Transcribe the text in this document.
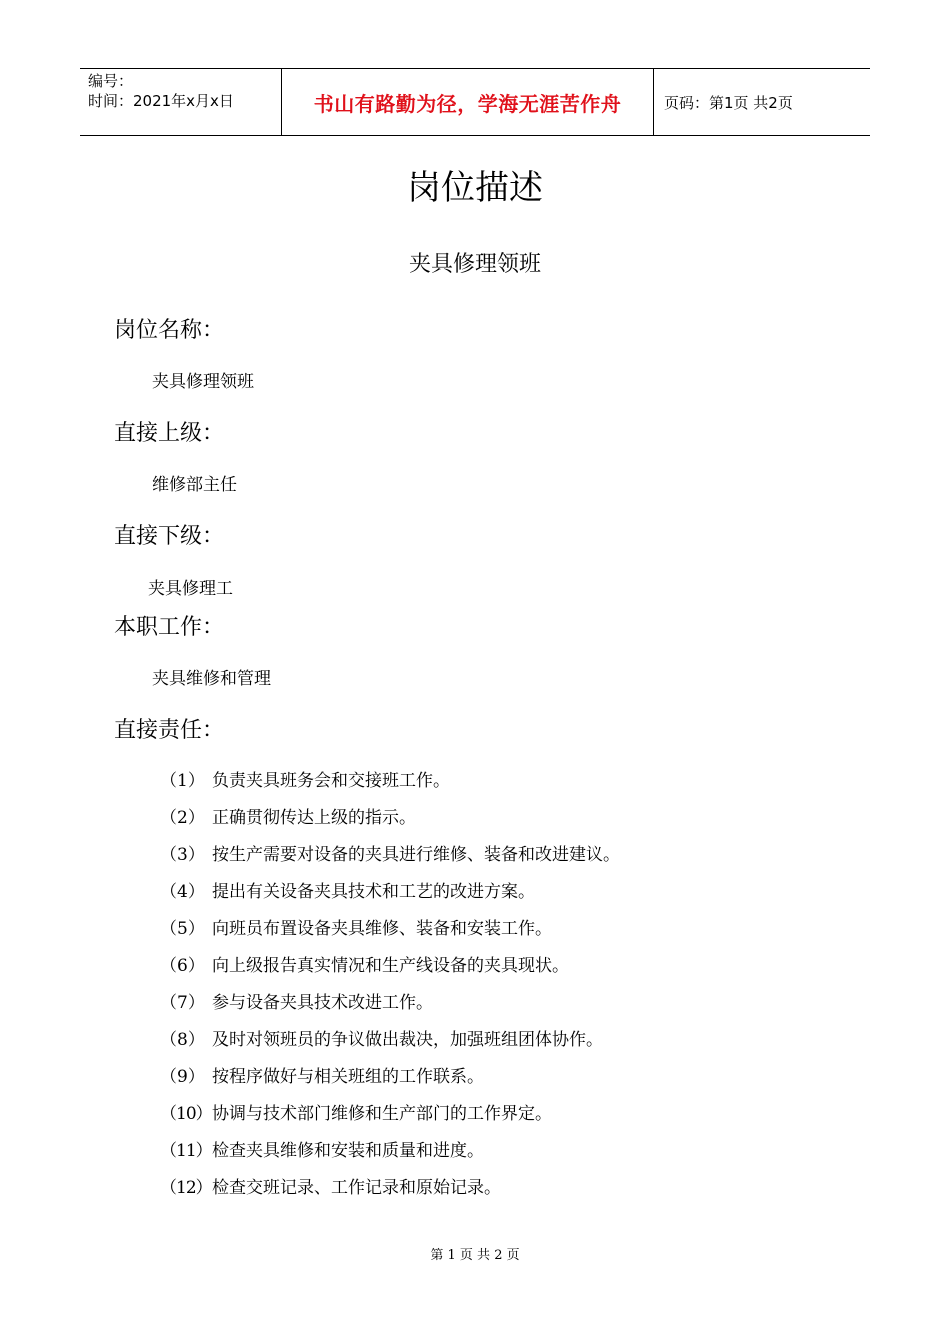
编号：
时间：2021年x月x日	书山有路勤为径，学海无涯苦作舟	页码：第1页 共2页
岗位描述
夹具修理领班
岗位名称：
夹具修理领班
直接上级：
维修部主任
直接下级：
夹具修理工
本职工作：
夹具维修和管理
直接责任：
（1） 负责夹具班务会和交接班工作。
（2） 正确贯彻传达上级的指示。
（3） 按生产需要对设备的夹具进行维修、装备和改进建议。
（4） 提出有关设备夹具技术和工艺的改进方案。
（5） 向班员布置设备夹具维修、装备和安装工作。
（6） 向上级报告真实情况和生产线设备的夹具现状。
（7） 参与设备夹具技术改进工作。
（8） 及时对领班员的争议做出裁决，加强班组团体协作。
（9） 按程序做好与相关班组的工作联系。
（10） 协调与技术部门维修和生产部门的工作界定。
（11） 检查夹具维修和安装和质量和进度。
（12） 检查交班记录、工作记录和原始记录。
第 1 页 共 2 页
